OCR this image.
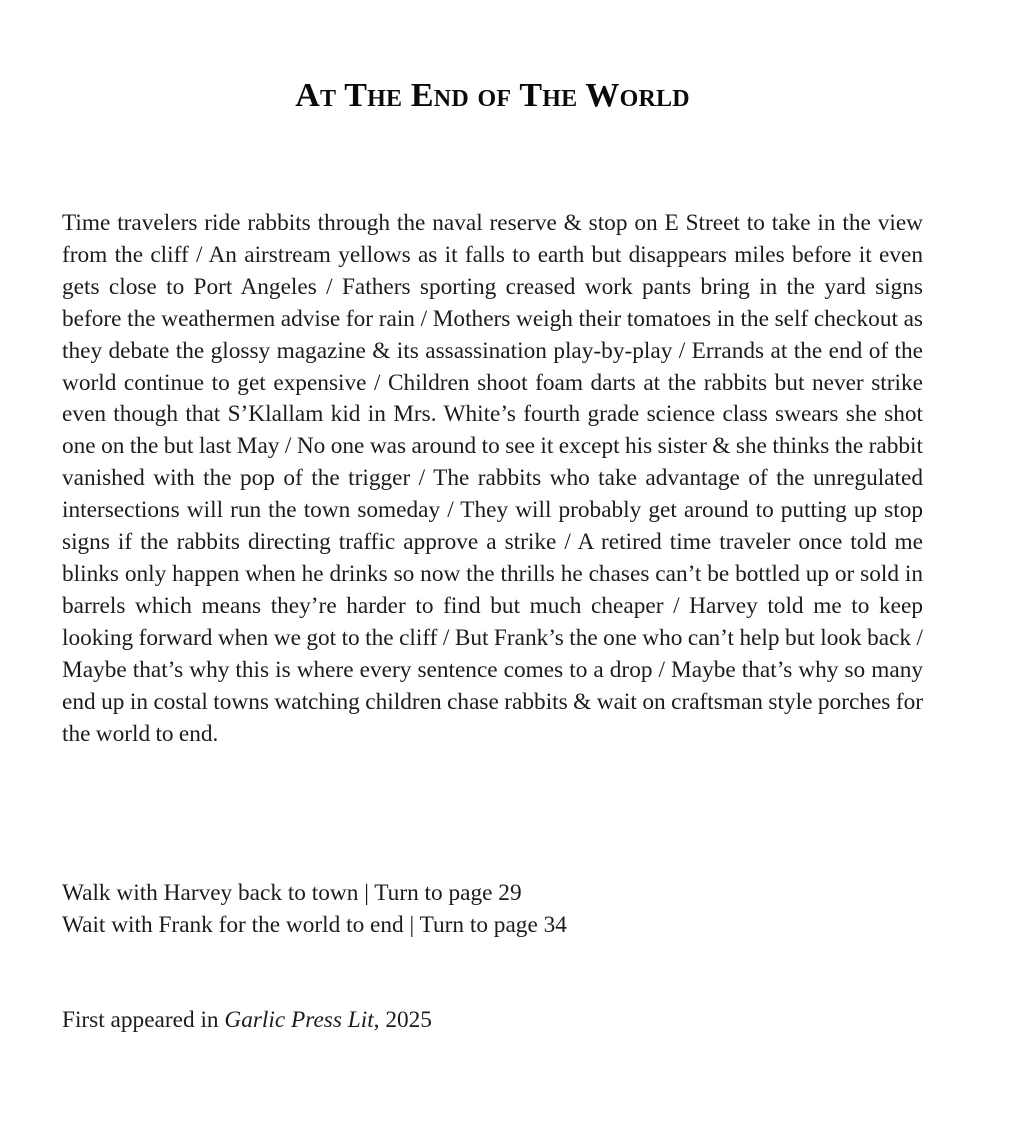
At The End of The World

Time travelers ride rabbits through the naval reserve & stop on E Street to take in the view from the cliff / An airstream yellows as it falls to earth but disappears miles before it even gets close to Port Angeles / Fathers sporting creased work pants bring in the yard signs before the weathermen advise for rain / Mothers weigh their tomatoes in the self checkout as they debate the glossy magazine & its assassination play-by-play / Errands at the end of the world continue to get expensive / Children shoot foam darts at the rabbits but never strike even though that S’Klallam kid in Mrs. White’s fourth grade science class swears she shot one on the but last May / No one was around to see it except his sister & she thinks the rabbit vanished with the pop of the trigger / The rabbits who take advantage of the unregulated intersections will run the town someday / They will probably get around to putting up stop signs if the rabbits directing traffic approve a strike / A retired time traveler once told me blinks only happen when he drinks so now the thrills he chases can’t be bottled up or sold in barrels which means they’re harder to find but much cheaper / Harvey told me to keep looking forward when we got to the cliff / But Frank’s the one who can’t help but look back / Maybe that’s why this is where every sentence comes to a drop / Maybe that’s why so many end up in costal towns watching children chase rabbits & wait on craftsman style porches for the world to end.

Walk with Harvey back to town | Turn to page 29
Wait with Frank for the world to end | Turn to page 34

First appeared in Garlic Press Lit, 2025
